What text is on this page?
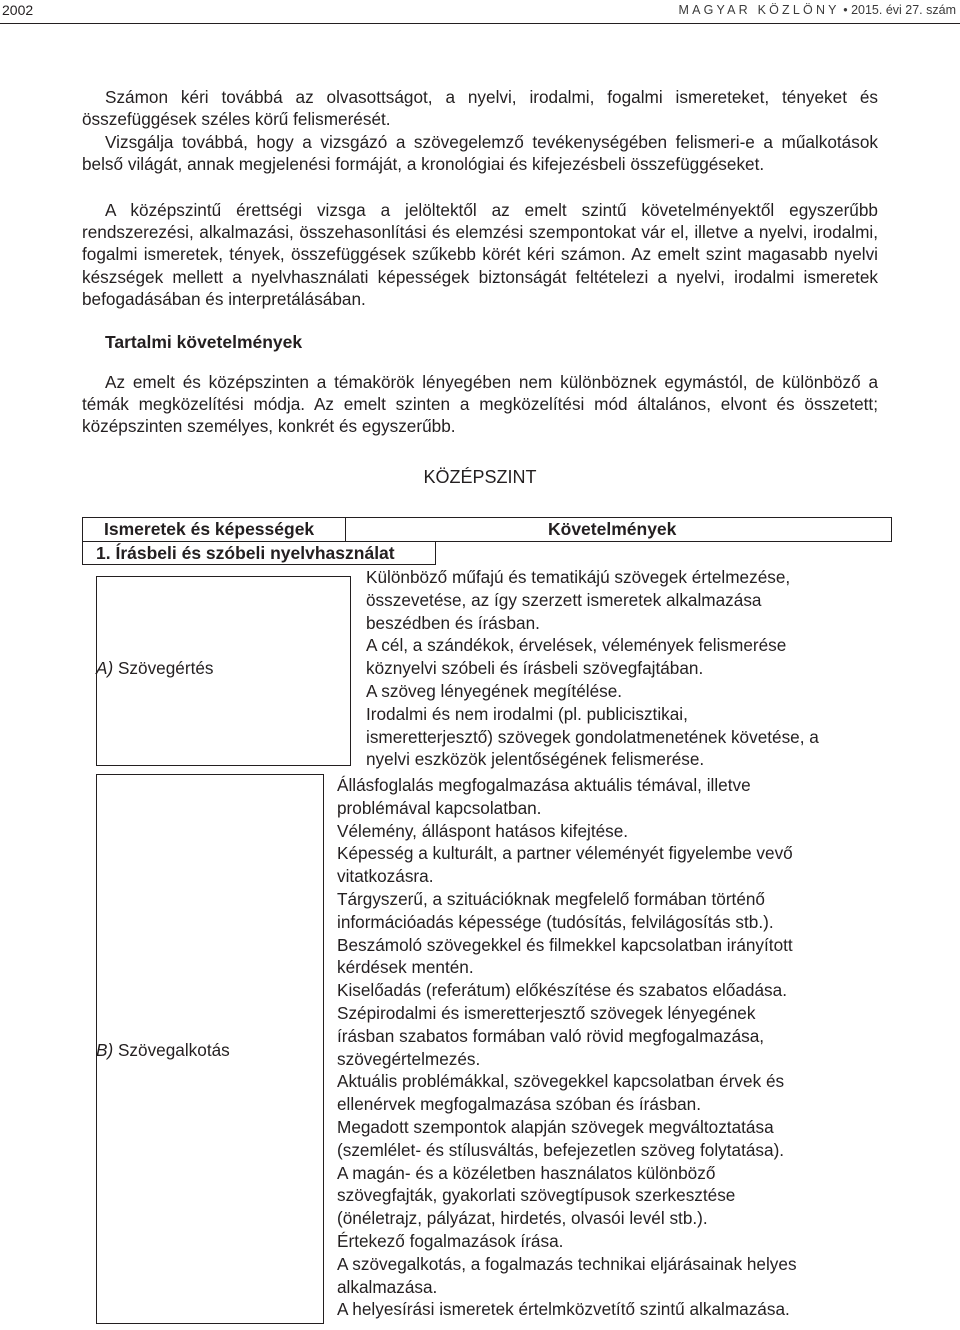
2002	MAGYAR KÖZLÖNY • 2015. évi 27. szám
Számon kéri továbbá az olvasottságot, a nyelvi, irodalmi, fogalmi ismereteket, tényeket és összefüggések széles körű felismerését.
Vizsgálja továbbá, hogy a vizsgázó a szövegelemző tevékenységében felismeri-e a műalkotások belső világát, annak megjelenési formáját, a kronológiai és kifejezésbeli összefüggéseket.
A középszintű érettségi vizsga a jelöltektől az emelt szintű követelményektől egyszerűbb rendszerezési, alkalmazási, összehasonlítási és elemzési szempontokat vár el, illetve a nyelvi, irodalmi, fogalmi ismeretek, tények, összefüggések szűkebb körét kéri számon. Az emelt szint magasabb nyelvi készségek mellett a nyelvhasználati képességek biztonságát feltételezi a nyelvi, irodalmi ismeretek befogadásában és interpretálásában.
Tartalmi követelmények
Az emelt és középszinten a témakörök lényegében nem különböznek egymástól, de különböző a témák megközelítési módja. Az emelt szinten a megközelítési mód általános, elvont és összetett; középszinten személyes, konkrét és egyszerűbb.
KÖZÉPSZINT
Ismeretek és képességek	Követelmények
1. Írásbeli és szóbeli nyelvhasználat
A) Szövegértés
Különböző műfajú és tematikájú szövegek értelmezése,
összevetése, az így szerzett ismeretek alkalmazása
beszédben és írásban.
A cél, a szándékok, érvelések, vélemények felismerése
köznyelvi szóbeli és írásbeli szövegfajtában.
A szöveg lényegének megítélése.
Irodalmi és nem irodalmi (pl. publicisztikai,
ismeretterjesztő) szövegek gondolatmenetének követése, a
nyelvi eszközök jelentőségének felismerése.
B) Szövegalkotás
Állásfoglalás megfogalmazása aktuális témával, illetve
problémával kapcsolatban.
Vélemény, álláspont hatásos kifejtése.
Képesség a kulturált, a partner véleményét figyelembe vevő
vitatkozásra.
Tárgyszerű, a szituációknak megfelelő formában történő
információadás képessége (tudósítás, felvilágosítás stb.).
Beszámoló szövegekkel és filmekkel kapcsolatban irányított
kérdések mentén.
Kiselőadás (referátum) előkészítése és szabatos előadása.
Szépirodalmi és ismeretterjesztő szövegek lényegének
írásban szabatos formában való rövid megfogalmazása,
szövegértelmezés.
Aktuális problémákkal, szövegekkel kapcsolatban érvek és
ellenérvek megfogalmazása szóban és írásban.
Megadott szempontok alapján szövegek megváltoztatása
(szemlélet- és stílusváltás, befejezetlen szöveg folytatása).
A magán- és a közéletben használatos különböző
szövegfajták, gyakorlati szövegtípusok szerkesztése
(önéletrajz, pályázat, hirdetés, olvasói levél stb.).
Értekező fogalmazások írása.
A szövegalkotás, a fogalmazás technikai eljárásainak helyes
alkalmazása.
A helyesírási ismeretek értelmközvetítő szintű alkalmazása.
